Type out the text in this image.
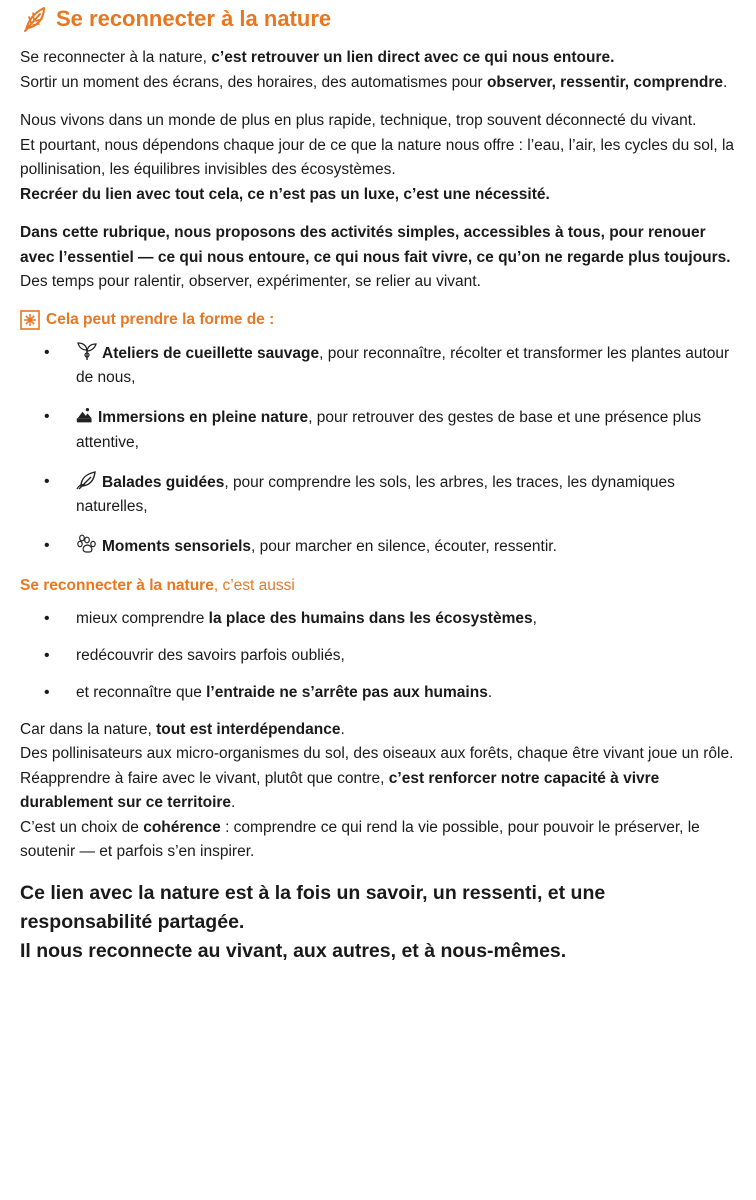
Se reconnecter à la nature

Se reconnecter à la nature, c’est retrouver un lien direct avec ce qui nous entoure.
Sortir un moment des écrans, des horaires, des automatismes pour observer, ressentir, comprendre.

Nous vivons dans un monde de plus en plus rapide, technique, trop souvent déconnecté du vivant.
Et pourtant, nous dépendons chaque jour de ce que la nature nous offre : l’eau, l’air, les cycles du sol, la pollinisation, les équilibres invisibles des écosystèmes.
Recréer du lien avec tout cela, ce n’est pas un luxe, c’est une nécessité.

Dans cette rubrique, nous proposons des activités simples, accessibles à tous, pour renouer avec l’essentiel — ce qui nous entoure, ce qui nous fait vivre, ce qu’on ne regarde plus toujours.
Des temps pour ralentir, observer, expérimenter, se relier au vivant.

Cela peut prendre la forme de :
•	Ateliers de cueillette sauvage, pour reconnaître, récolter et transformer les plantes autour de nous,
•	Immersions en pleine nature, pour retrouver des gestes de base et une présence plus attentive,
•	Balades guidées, pour comprendre les sols, les arbres, les traces, les dynamiques naturelles,
•	Moments sensoriels, pour marcher en silence, écouter, ressentir.

Se reconnecter à la nature, c’est aussi

• mieux comprendre la place des humains dans les écosystèmes,
• redécouvrir des savoirs parfois oubliés,
• et reconnaître que l’entraide ne s’arrête pas aux humains.

Car dans la nature, tout est interdépendance.
Des pollinisateurs aux micro-organismes du sol, des oiseaux aux forêts, chaque être vivant joue un rôle.
Réapprendre à faire avec le vivant, plutôt que contre, c’est renforcer notre capacité à vivre durablement sur ce territoire.
C’est un choix de cohérence : comprendre ce qui rend la vie possible, pour pouvoir le préserver, le soutenir — et parfois s’en inspirer.

Ce lien avec la nature est à la fois un savoir, un ressenti, et une responsabilité partagée.
Il nous reconnecte au vivant, aux autres, et à nous-mêmes.
